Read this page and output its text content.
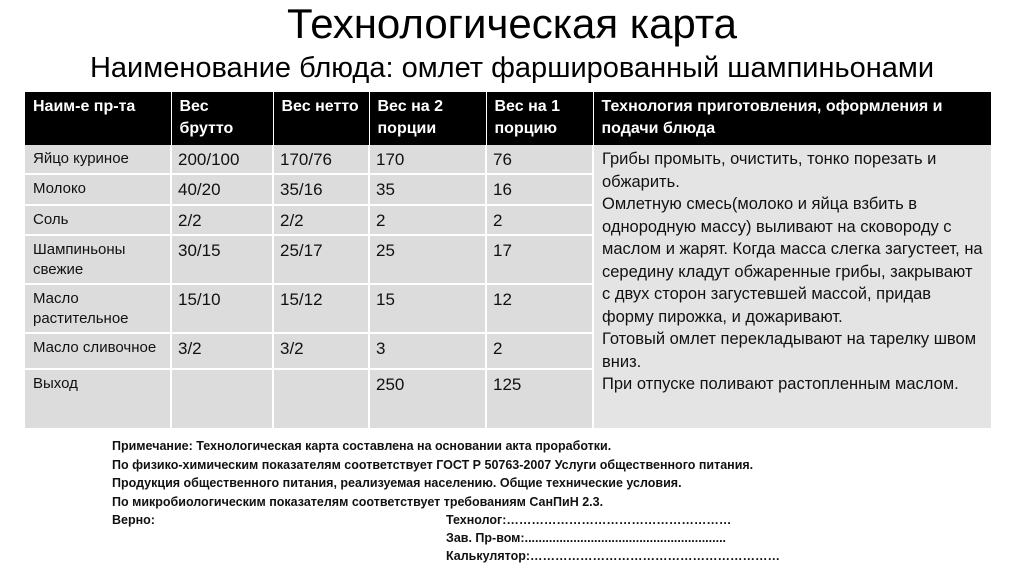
Технологическая карта
Наименование блюда: омлет фаршированный шампиньонами
Наим-е пр-та	Вес брутто	Вес нетто	Вес на 2 порции	Вес на 1 порцию	Технология приготовления, оформления и подачи блюда
Яйцо куриное	200/100	170/76	170	76	Грибы промыть, очистить, тонко порезать и обжарить.
Омлетную смесь(молоко и яйца взбить в однородную массу) выливают на сковороду с маслом и жарят. Когда масса слегка загустеет, на середину кладут обжаренные грибы, закрывают с двух сторон загустевшей массой, придав форму пирожка, и дожаривают.
Готовый омлет перекладывают на тарелку швом вниз.
При отпуске поливают растопленным маслом.

Молоко	40/20	35/16	35	16	
Соль	2/2	2/2	2	2	
Шампиньоны свежие	30/15	25/17	25	17	
Масло растительное	15/10	15/12	15	12	
Масло сливочное	3/2	3/2	3	2	
Выход			250	125	
Примечание: Технологическая карта составлена на основании акта проработки.
По физико-химическим показателям соответствует ГОСТ Р 50763-2007 Услуги общественного питания.
Продукция общественного питания, реализуемая населению. Общие технические условия.
По микробиологическим показателям соответствует требованиям СанПиН 2.3.
Верно:	Технолог:………………………………………………
Зав. Пр-вом:..........................................................
Калькулятор:……………………………………………………
